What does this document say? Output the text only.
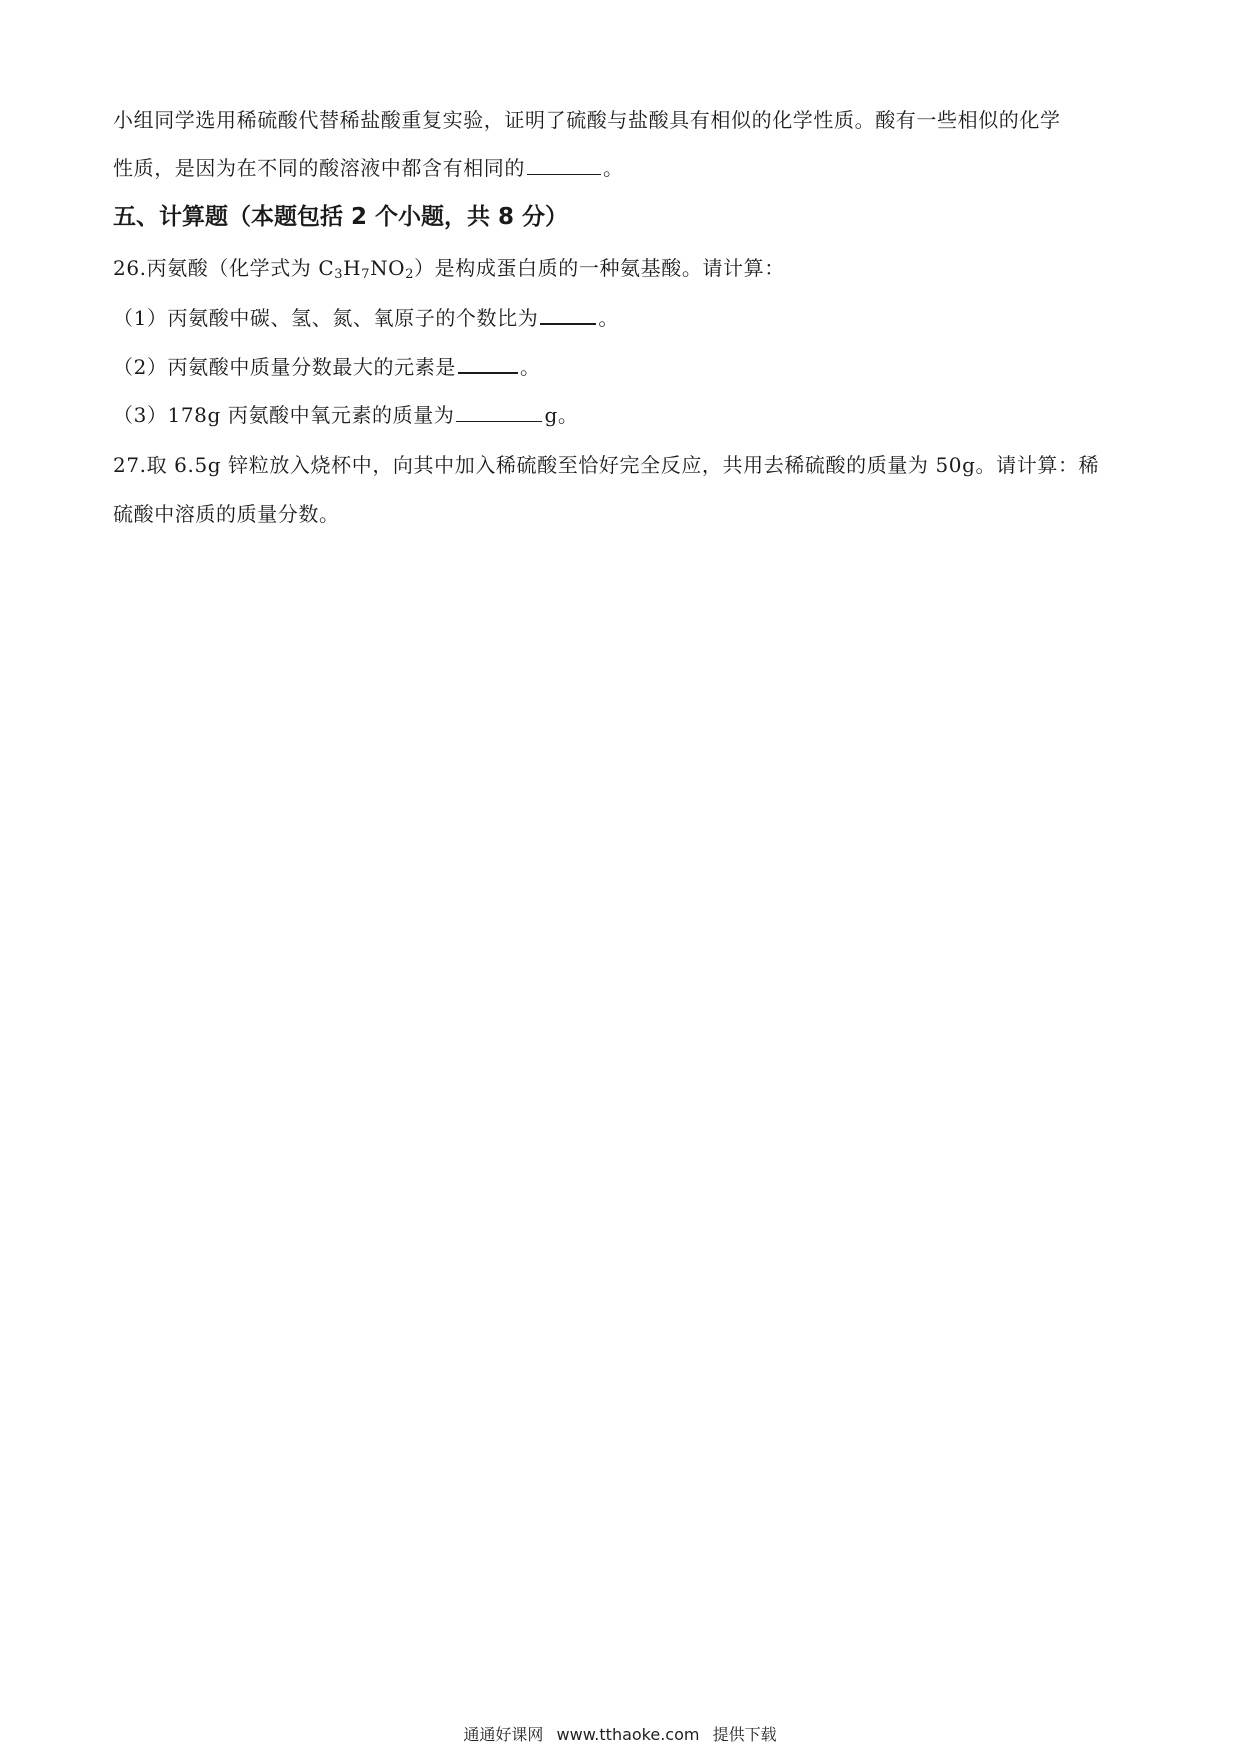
小组同学选用稀硫酸代替稀盐酸重复实验，证明了硫酸与盐酸具有相似的化学性质。酸有一些相似的化学
性质，是因为在不同的酸溶液中都含有相同的	。
五、计算题（本题包括 2 个小题，共 8 分）
26.丙氨酸（化学式为 $C_3H_7NO_2$）是构成蛋白质的一种氨基酸。请计算：
（1）丙氨酸中碳、氢、氮、氧原子的个数比为	。
（2）丙氨酸中质量分数最大的元素是	。
（3）178g 丙氨酸中氧元素的质量为	g。
27.取 6.5g 锌粒放入烧杯中，向其中加入稀硫酸至恰好完全反应，共用去稀硫酸的质量为 50g。请计算：稀
硫酸中溶质的质量分数。
通通好课网 www.tthaoke.com 提供下载
